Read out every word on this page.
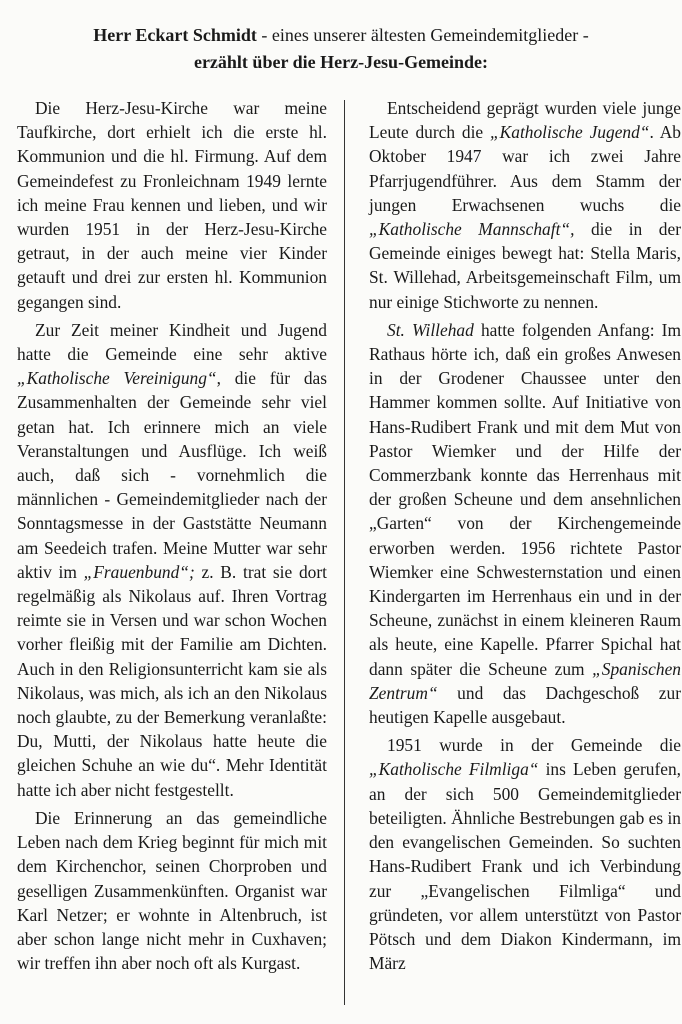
Herr Eckart Schmidt - eines unserer ältesten Gemeindemitglieder -
erzählt über die Herz-Jesu-Gemeinde:

Die Herz-Jesu-Kirche war meine Taufkirche, dort erhielt ich die erste hl. Kommunion und die hl. Firmung. Auf dem Gemeindefest zu Fronleichnam 1949 lernte ich meine Frau kennen und lieben, und wir wurden 1951 in der Herz-Jesu-Kirche getraut, in der auch meine vier Kinder getauft und drei zur ersten hl. Kommunion gegangen sind.

Zur Zeit meiner Kindheit und Jugend hatte die Gemeinde eine sehr aktive „Katholische Vereinigung“, die für das Zusammenhalten der Gemeinde sehr viel getan hat. Ich erinnere mich an viele Veranstaltungen und Ausflüge. Ich weiß auch, daß sich - vornehmlich die männlichen - Gemeindemitglieder nach der Sonntagsmesse in der Gaststätte Neumann am Seedeich trafen. Meine Mutter war sehr aktiv im „Frauenbund“; z. B. trat sie dort regelmäßig als Nikolaus auf. Ihren Vortrag reimte sie in Versen und war schon Wochen vorher fleißig mit der Familie am Dichten. Auch in den Religionsunterricht kam sie als Nikolaus, was mich, als ich an den Nikolaus noch glaubte, zu der Bemerkung veranlaßte: Du, Mutti, der Nikolaus hatte heute die gleichen Schuhe an wie du“. Mehr Identität hatte ich aber nicht festgestellt.

Die Erinnerung an das gemeindliche Leben nach dem Krieg beginnt für mich mit dem Kirchenchor, seinen Chorproben und geselligen Zusammenkünften. Organist war Karl Netzer; er wohnte in Altenbruch, ist aber schon lange nicht mehr in Cuxhaven; wir treffen ihn aber noch oft als Kurgast.

Entscheidend geprägt wurden viele junge Leute durch die „Katholische Jugend“. Ab Oktober 1947 war ich zwei Jahre Pfarrjugendführer. Aus dem Stamm der jungen Erwachsenen wuchs die „Katholische Mannschaft“, die in der Gemeinde einiges bewegt hat: Stella Maris, St. Willehad, Arbeitsgemeinschaft Film, um nur einige Stichworte zu nennen.

St. Willehad hatte folgenden Anfang: Im Rathaus hörte ich, daß ein großes Anwesen in der Grodener Chaussee unter den Hammer kommen sollte. Auf Initiative von Hans-Rudibert Frank und mit dem Mut von Pastor Wiemker und der Hilfe der Commerzbank konnte das Herrenhaus mit der großen Scheune und dem ansehnlichen „Garten“ von der Kirchengemeinde erworben werden. 1956 richtete Pastor Wiemker eine Schwesternstation und einen Kindergarten im Herrenhaus ein und in der Scheune, zunächst in einem kleineren Raum als heute, eine Kapelle. Pfarrer Spichal hat dann später die Scheune zum „Spanischen Zentrum“ und das Dachgeschoß zur heutigen Kapelle ausgebaut.

1951 wurde in der Gemeinde die „Katholische Filmliga“ ins Leben gerufen, an der sich 500 Gemeindemitglieder beteiligten. Ähnliche Bestrebungen gab es in den evangelischen Gemeinden. So suchten Hans-Rudibert Frank und ich Verbindung zur „Evangelischen Filmliga“ und gründeten, vor allem unterstützt von Pastor Pötsch und dem Diakon Kindermann, im März
